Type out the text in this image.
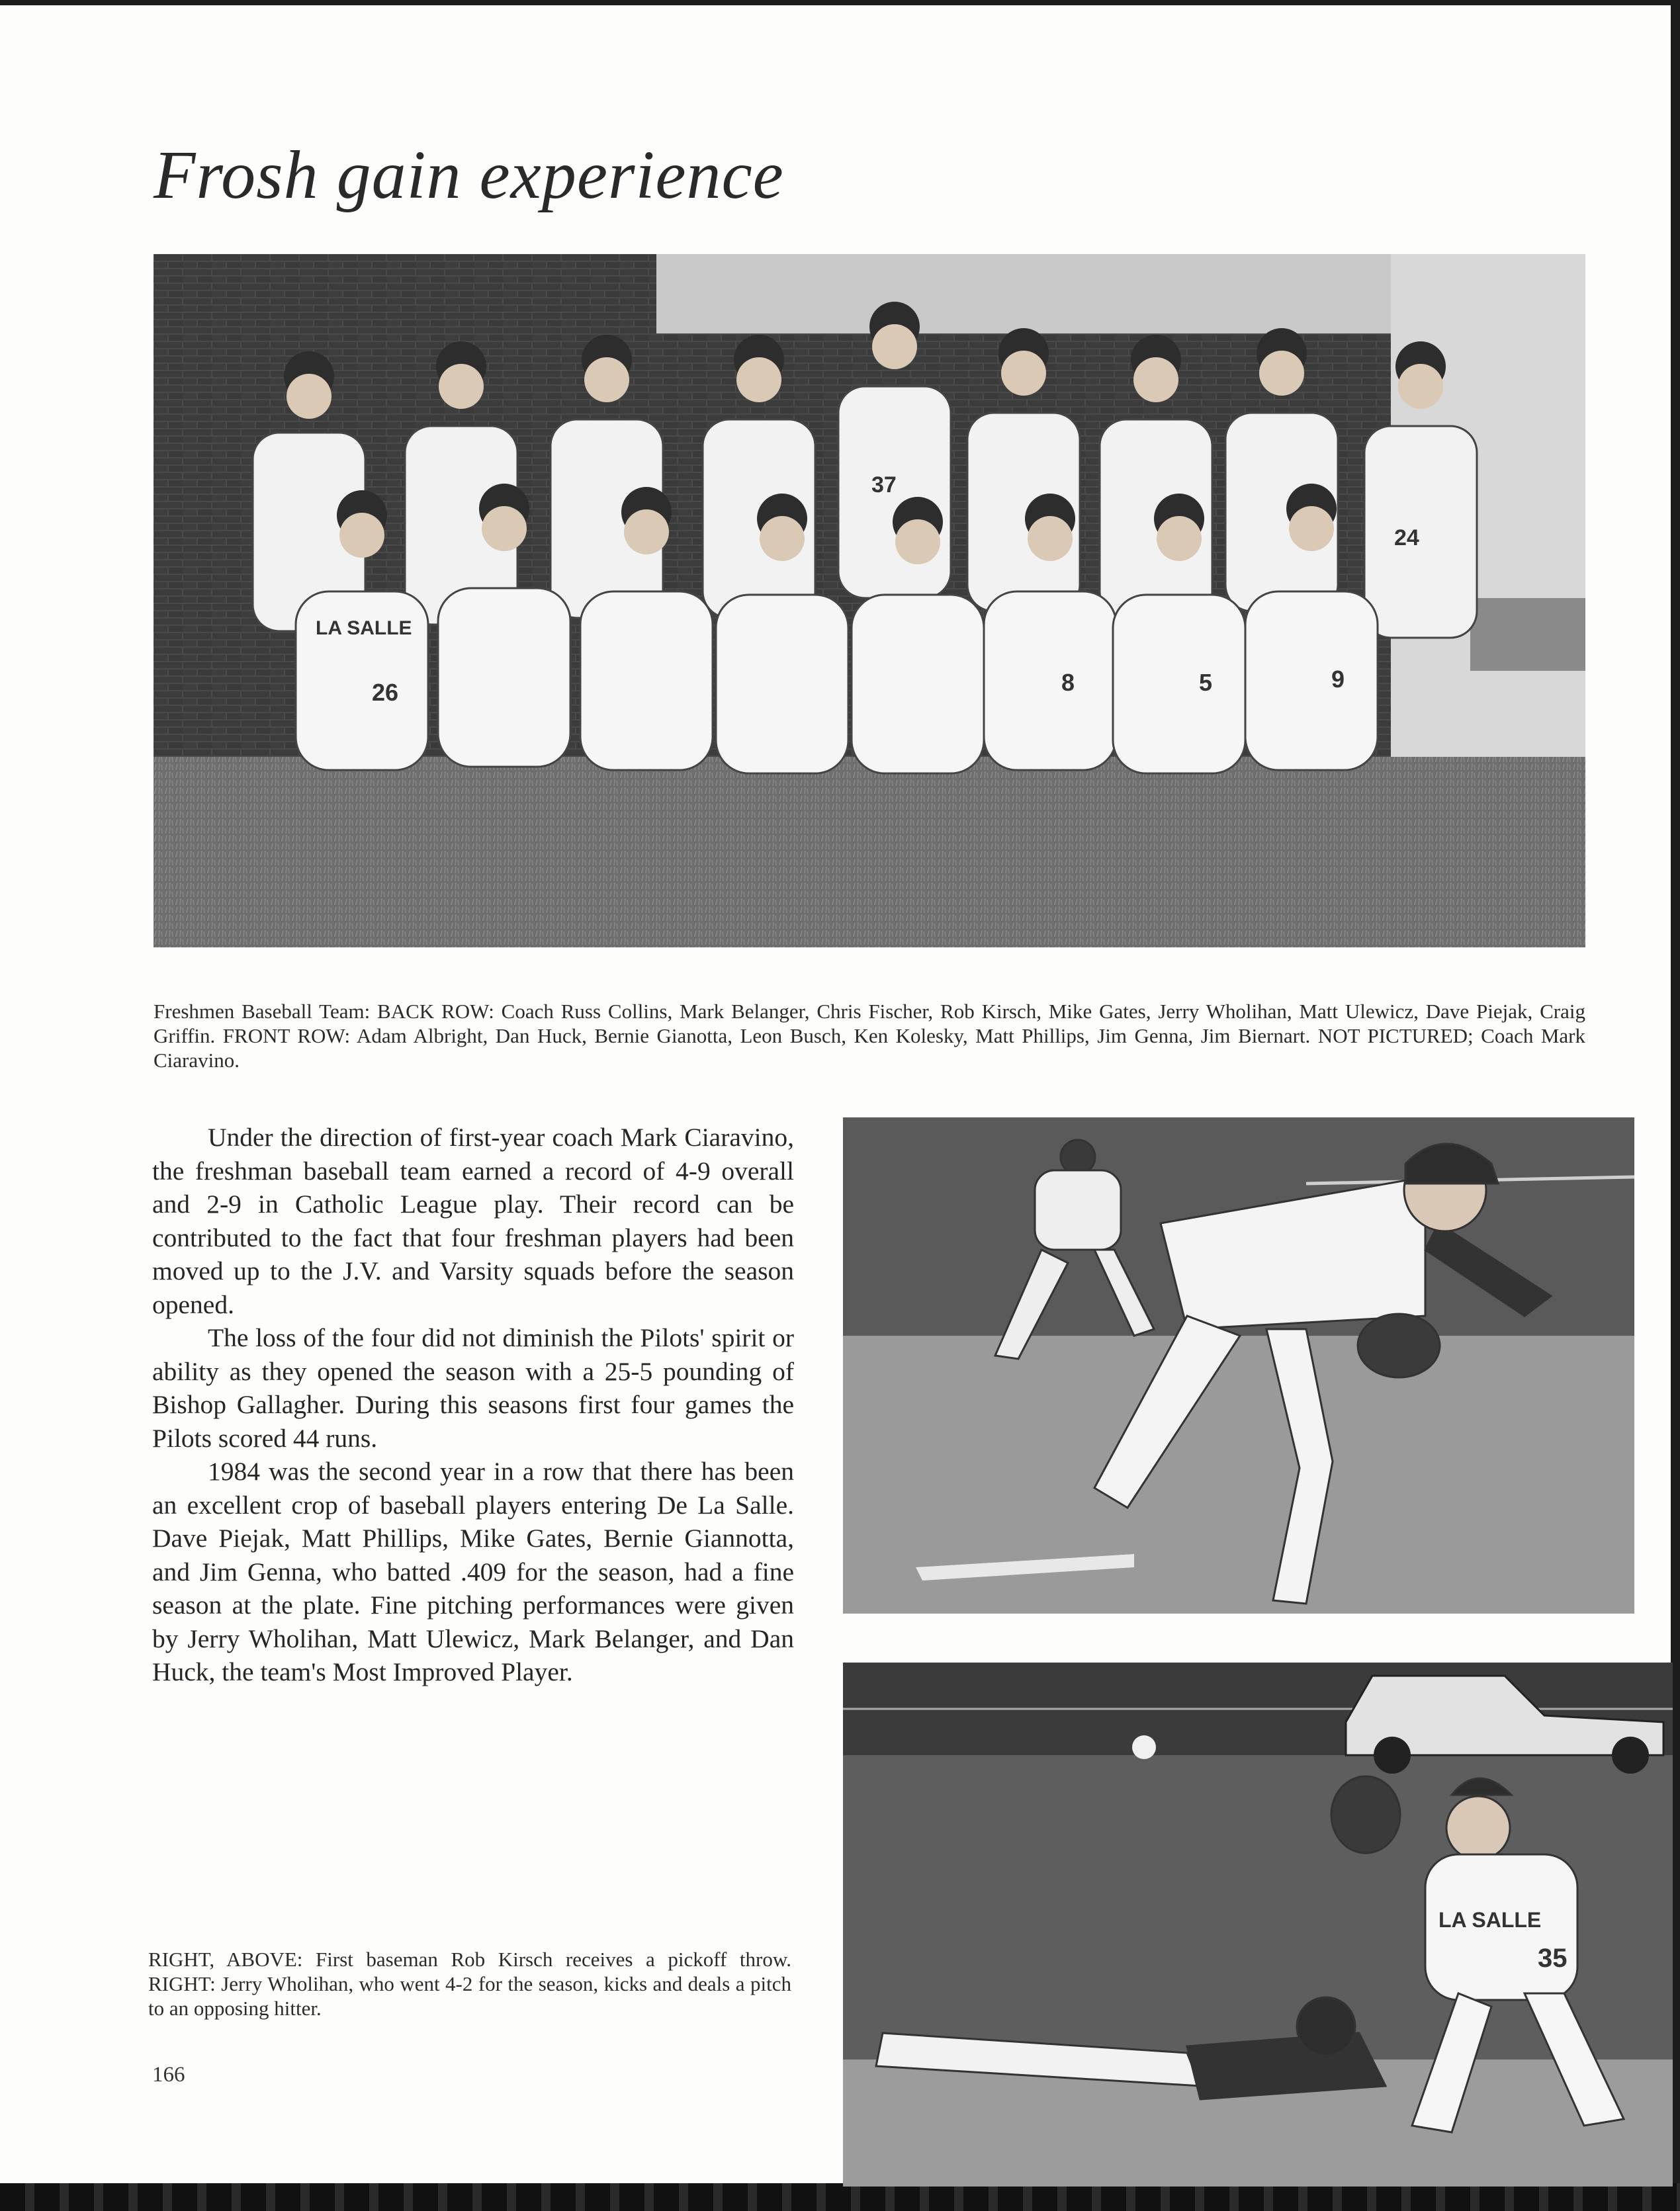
Frosh gain experience
37
24
LA SALLE
26	8	5	9

Freshmen Baseball Team: BACK ROW: Coach Russ Collins, Mark Belanger, Chris Fischer, Rob Kirsch, Mike Gates, Jerry Wholihan, Matt Ulewicz, Dave Piejak, Craig Griffin. FRONT ROW: Adam Albright, Dan Huck, Bernie Gianotta, Leon Busch, Ken Kolesky, Matt Phillips, Jim Genna, Jim Biernart. NOT PICTURED; Coach Mark Ciaravino.

Under the direction of first-year coach Mark Ciaravino, the freshman baseball team earned a record of 4-9 overall and 2-9 in Catholic League play. Their record can be contributed to the fact that four freshman players had been moved up to the J.V. and Varsity squads before the season opened.

The loss of the four did not diminish the Pilots' spirit or ability as they opened the season with a 25-5 pounding of Bishop Gallagher. During this seasons first four games the Pilots scored 44 runs.

1984 was the second year in a row that there has been an excellent crop of baseball players entering De La Salle. Dave Piejak, Matt Phillips, Mike Gates, Bernie Giannotta, and Jim Genna, who batted .409 for the season, had a fine season at the plate. Fine pitching performances were given by Jerry Wholihan, Matt Ulewicz, Mark Belanger, and Dan Huck, the team's Most Improved Player.

LA SALLE
35

RIGHT, ABOVE: First baseman Rob Kirsch receives a pickoff throw. RIGHT: Jerry Wholihan, who went 4-2 for the season, kicks and deals a pitch to an opposing hitter.

166
